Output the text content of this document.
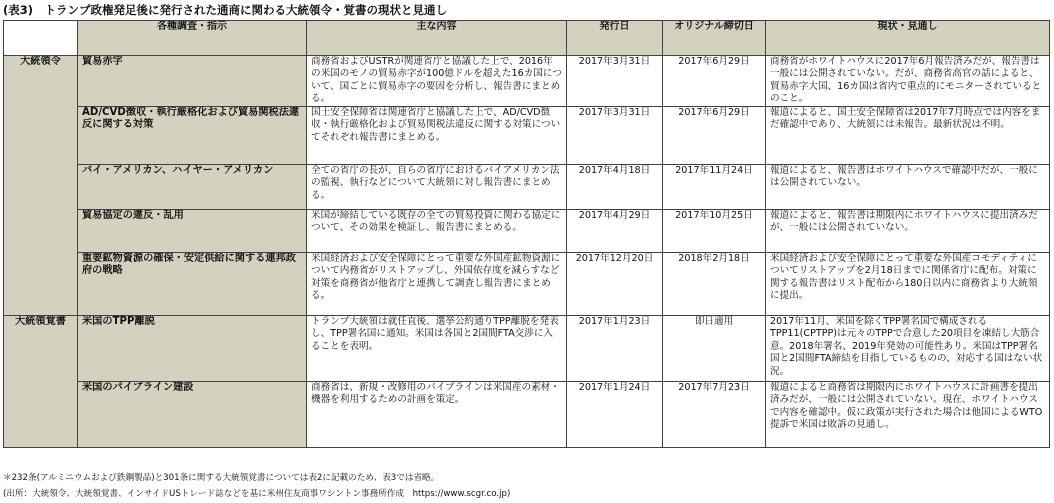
(表3)　トランプ政権発足後に発行された通商に関わる大統領令・覚書の現状と見通し
	各種調査・指示	主な内容	発行日	オリジナル締切日	現状・見通し
大統領令	貿易赤字	商務省およびUSTRが関連省庁と協議した上で、2016年の米国のモノの貿易赤字が100億ドルを超えた16カ国について、国ごとに貿易赤字の要因を分析し、報告書にまとめる。	2017年3月31日	2017年6月29日	商務省がホワイトハウスに2017年6月報告済みだが、報告書は一般には公開されていない。だが、商務省高官の話によると、貿易赤字大国、16カ国は省内で重点的にモニターされているとのこと。
	AD/CVD徴収・執行厳格化および貿易関税法違反に関する対策	国土安全保障省は関連省庁と協議した上で、AD/CVD徴収・執行厳格化および貿易関税法違反に関する対策についてそれぞれ報告書にまとめる。	2017年3月31日	2017年6月29日	報道によると、国土安全保障省は2017年7月時点では内容をまだ確認中であり、大統領には未報告。最新状況は不明。
	バイ・アメリカン、ハイヤー・アメリカン	全ての省庁の長が、自らの省庁におけるバイアメリカン法の監視、執行などについて大統領に対し報告書にまとめる。	2017年4月18日	2017年11月24日	報道によると、報告書はホワイトハウスで確認中だが、一般には公開されていない。
	貿易協定の違反・乱用	米国が締結している既存の全ての貿易投資に関わる協定について、その効果を検証し、報告書にまとめる。	2017年4月29日	2017年10月25日	報道によると、報告書は期限内にホワイトハウスに提出済みだが、一般には公開されていない。
	重要鉱物資源の確保・安定供給に関する連邦政府の戦略	米国経済および安全保障にとって重要な外国産鉱物資源について内務省がリストアップし、外国依存度を減らすなど対策を商務省が他省庁と連携して調査し報告書にまとめる。	2017年12月20日	2018年2月18日	米国経済および安全保障にとって重要な外国産コモディティについてリストアップを2月18日までに関係省庁に配布。対策に関する報告書はリスト配布から180日以内に商務省より大統領に提出。
大統領覚書	米国のTPP離脱	トランプ大統領は就任直後、選挙公約通りTPP離脱を発表し、TPP署名国に通知。米国は各国と2国間FTA交渉に入ることを表明。	2017年1月23日	即日適用	2017年11月、米国を除くTPP署名国で構成されるTPP11(CPTPP)は元々のTPPで合意した20項目を凍結し大筋合意。2018年署名、2019年発効の可能性あり。米国はTPP署名国と2国間FTA締結を目指しているものの、対応する国はない状況。
	米国のパイプライン建設	商務省は、新規・改修用のパイプラインは米国産の素材・機器を利用するための計画を策定。	2017年1月24日	2017年7月23日	報道によると商務省は期限内にホワイトハウスに計画書を提出済みだが、一般には公開されていない。現在、ホワイトハウスで内容を確認中。仮に政策が実行された場合は他国によるWTO提訴で米国は敗訴の見通し。
＊232条(アルミニウムおよび鉄鋼製品)と301条に関する大統領覚書については表2に記載のため、表3では省略。
(出所：大統領令、大統領覚書、インサイドUSトレード誌などを基に米州住友商事ワシントン事務所作成　https://www.scgr.co.jp)
